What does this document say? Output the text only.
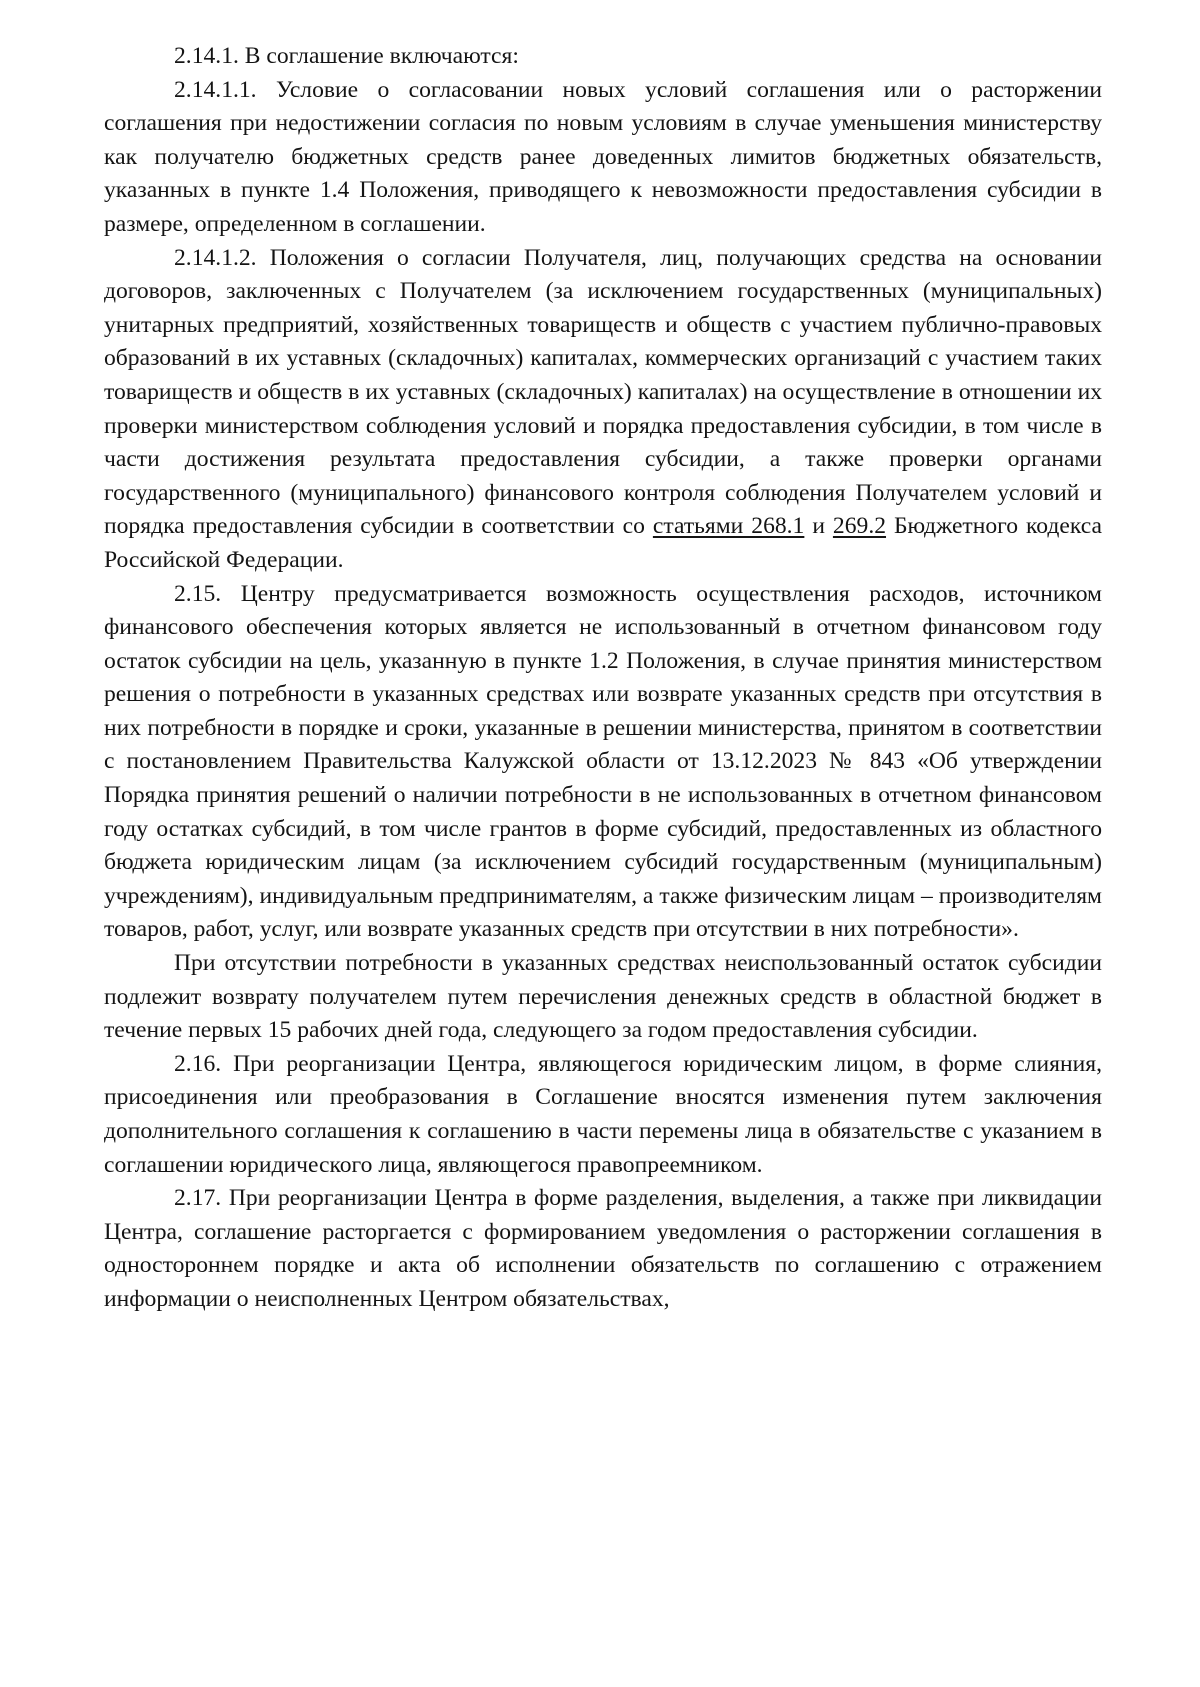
2.14.1. В соглашение включаются:

2.14.1.1. Условие о согласовании новых условий соглашения или о расторжении соглашения при недостижении согласия по новым условиям в случае уменьшения министерству как получателю бюджетных средств ранее доведенных лимитов бюджетных обязательств, указанных в пункте 1.4 Положения, приводящего к невозможности предоставления субсидии в размере, определенном в соглашении.

2.14.1.2. Положения о согласии Получателя, лиц, получающих средства на основании договоров, заключенных с Получателем (за исключением государственных (муниципальных) унитарных предприятий, хозяйственных товариществ и обществ с участием публично-правовых образований в их уставных (складочных) капиталах, коммерческих организаций с участием таких товариществ и обществ в их уставных (складочных) капиталах) на осуществление в отношении их проверки министерством соблюдения условий и порядка предоставления субсидии, в том числе в части достижения результата предоставления субсидии, а также проверки органами государственного (муниципального) финансового контроля соблюдения Получателем условий и порядка предоставления субсидии в соответствии со статьями 268.1 и 269.2 Бюджетного кодекса Российской Федерации.

2.15. Центру предусматривается возможность осуществления расходов, источником финансового обеспечения которых является не использованный в отчетном финансовом году остаток субсидии на цель, указанную в пункте 1.2 Положения, в случае принятия министерством решения о потребности в указанных средствах или возврате указанных средств при отсутствия в них потребности в порядке и сроки, указанные в решении министерства, принятом в соответствии с постановлением Правительства Калужской области от 13.12.2023 № 843 «Об утверждении Порядка принятия решений о наличии потребности в не использованных в отчетном финансовом году остатках субсидий, в том числе грантов в форме субсидий, предоставленных из областного бюджета юридическим лицам (за исключением субсидий государственным (муниципальным) учреждениям), индивидуальным предпринимателям, а также физическим лицам – производителям товаров, работ, услуг, или возврате указанных средств при отсутствии в них потребности».

При отсутствии потребности в указанных средствах неиспользованный остаток субсидии подлежит возврату получателем путем перечисления денежных средств в областной бюджет в течение первых 15 рабочих дней года, следующего за годом предоставления субсидии.

2.16. При реорганизации Центра, являющегося юридическим лицом, в форме слияния, присоединения или преобразования в Соглашение вносятся изменения путем заключения дополнительного соглашения к соглашению в части перемены лица в обязательстве с указанием в соглашении юридического лица, являющегося правопреемником.

2.17. При реорганизации Центра в форме разделения, выделения, а также при ликвидации Центра, соглашение расторгается с формированием уведомления о расторжении соглашения в одностороннем порядке и акта об исполнении обязательств по соглашению с отражением информации о неисполненных Центром обязательствах,
